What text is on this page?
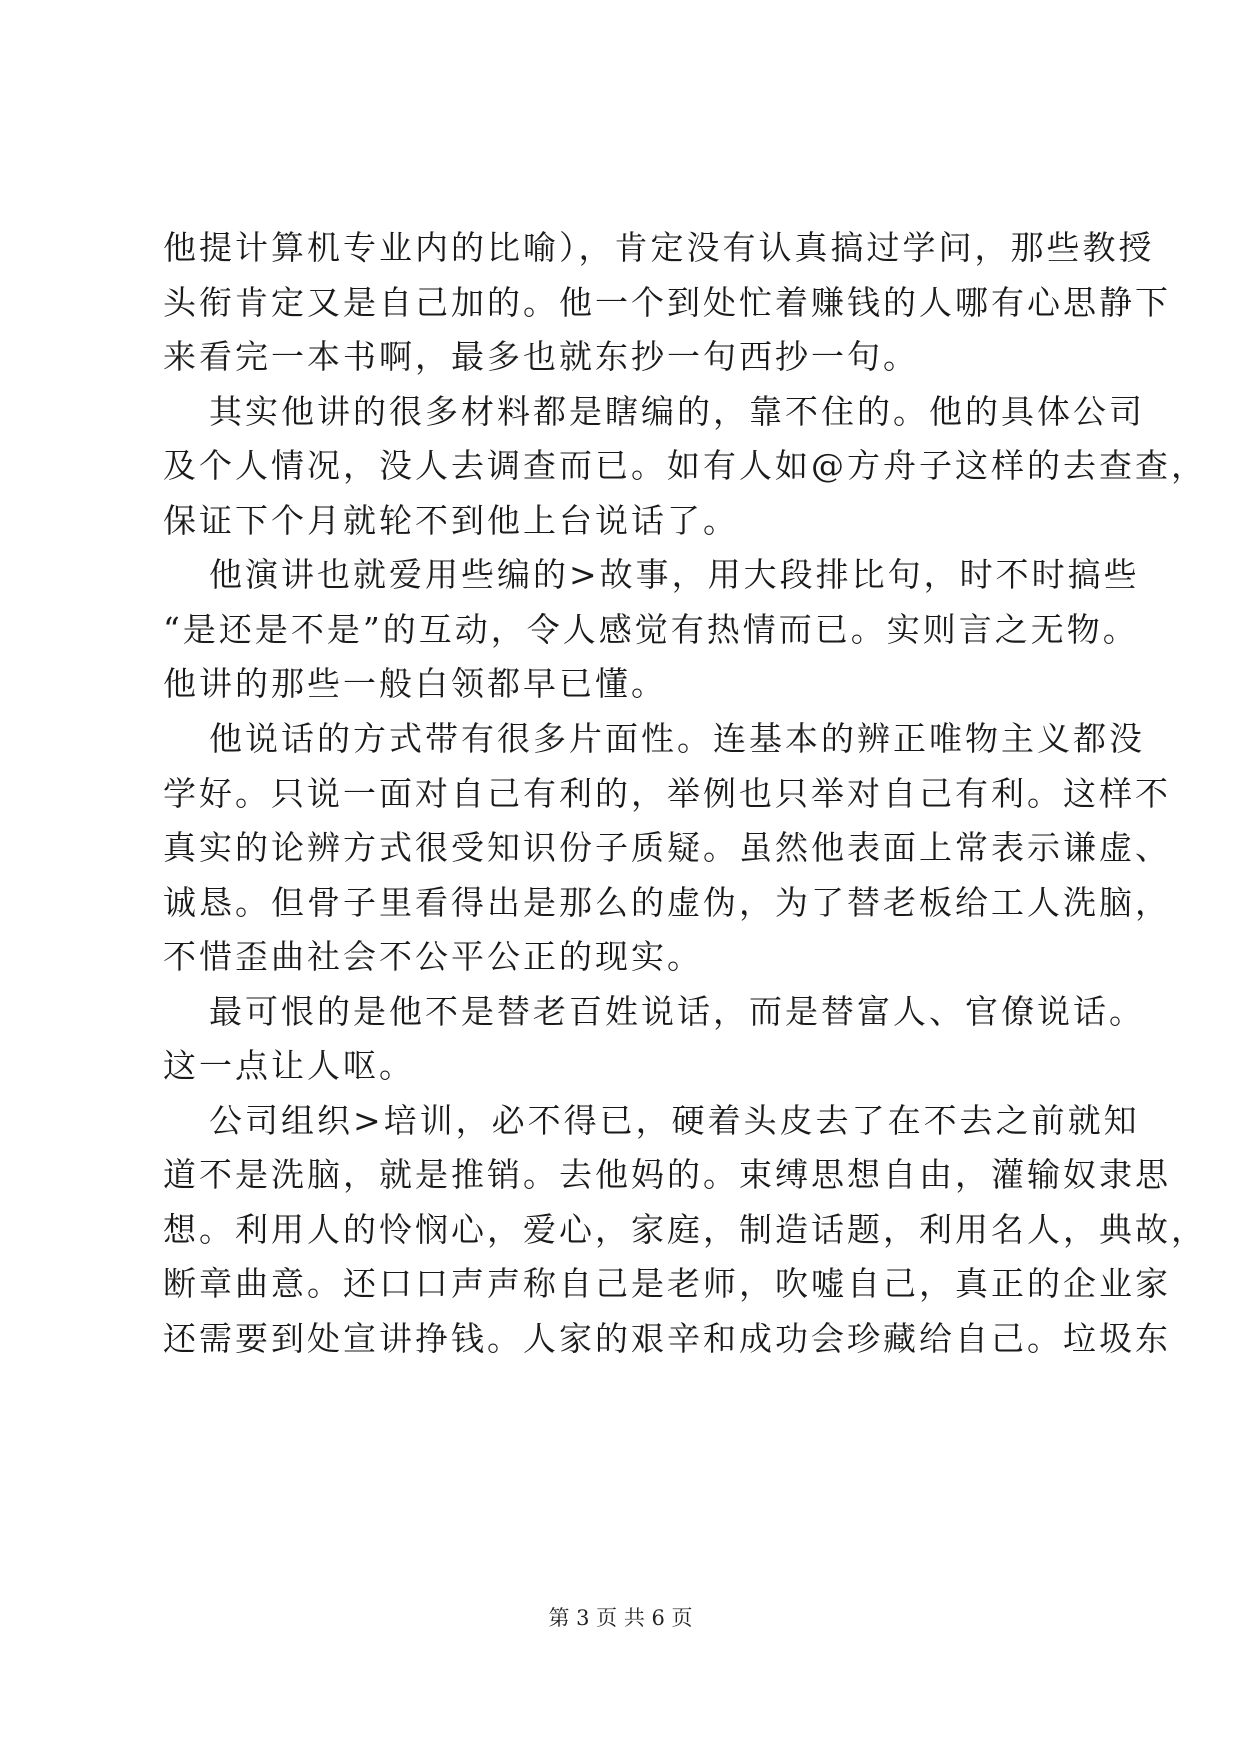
他提计算机专业内的比喻），肯定没有认真搞过学问，那些教授
头衔肯定又是自己加的。他一个到处忙着赚钱的人哪有心思静下
来看完一本书啊，最多也就东抄一句西抄一句。
其实他讲的很多材料都是瞎编的，靠不住的。他的具体公司
及个人情况，没人去调查而已。如有人如@方舟子这样的去查查，
保证下个月就轮不到他上台说话了。
他演讲也就爱用些编的>故事，用大段排比句，时不时搞些
“是还是不是”的互动，令人感觉有热情而已。实则言之无物。
他讲的那些一般白领都早已懂。
他说话的方式带有很多片面性。连基本的辨正唯物主义都没
学好。只说一面对自己有利的，举例也只举对自己有利。这样不
真实的论辨方式很受知识份子质疑。虽然他表面上常表示谦虚、
诚恳。但骨子里看得出是那么的虚伪，为了替老板给工人洗脑，
不惜歪曲社会不公平公正的现实。
最可恨的是他不是替老百姓说话，而是替富人、官僚说话。
这一点让人呕。
公司组织>培训，必不得已，硬着头皮去了在不去之前就知
道不是洗脑，就是推销。去他妈的。束缚思想自由，灌输奴隶思
想。利用人的怜悯心，爱心，家庭，制造话题，利用名人，典故，
断章曲意。还口口声声称自己是老师，吹嘘自己，真正的企业家
还需要到处宣讲挣钱。人家的艰辛和成功会珍藏给自己。垃圾东
第 3 页 共 6 页
